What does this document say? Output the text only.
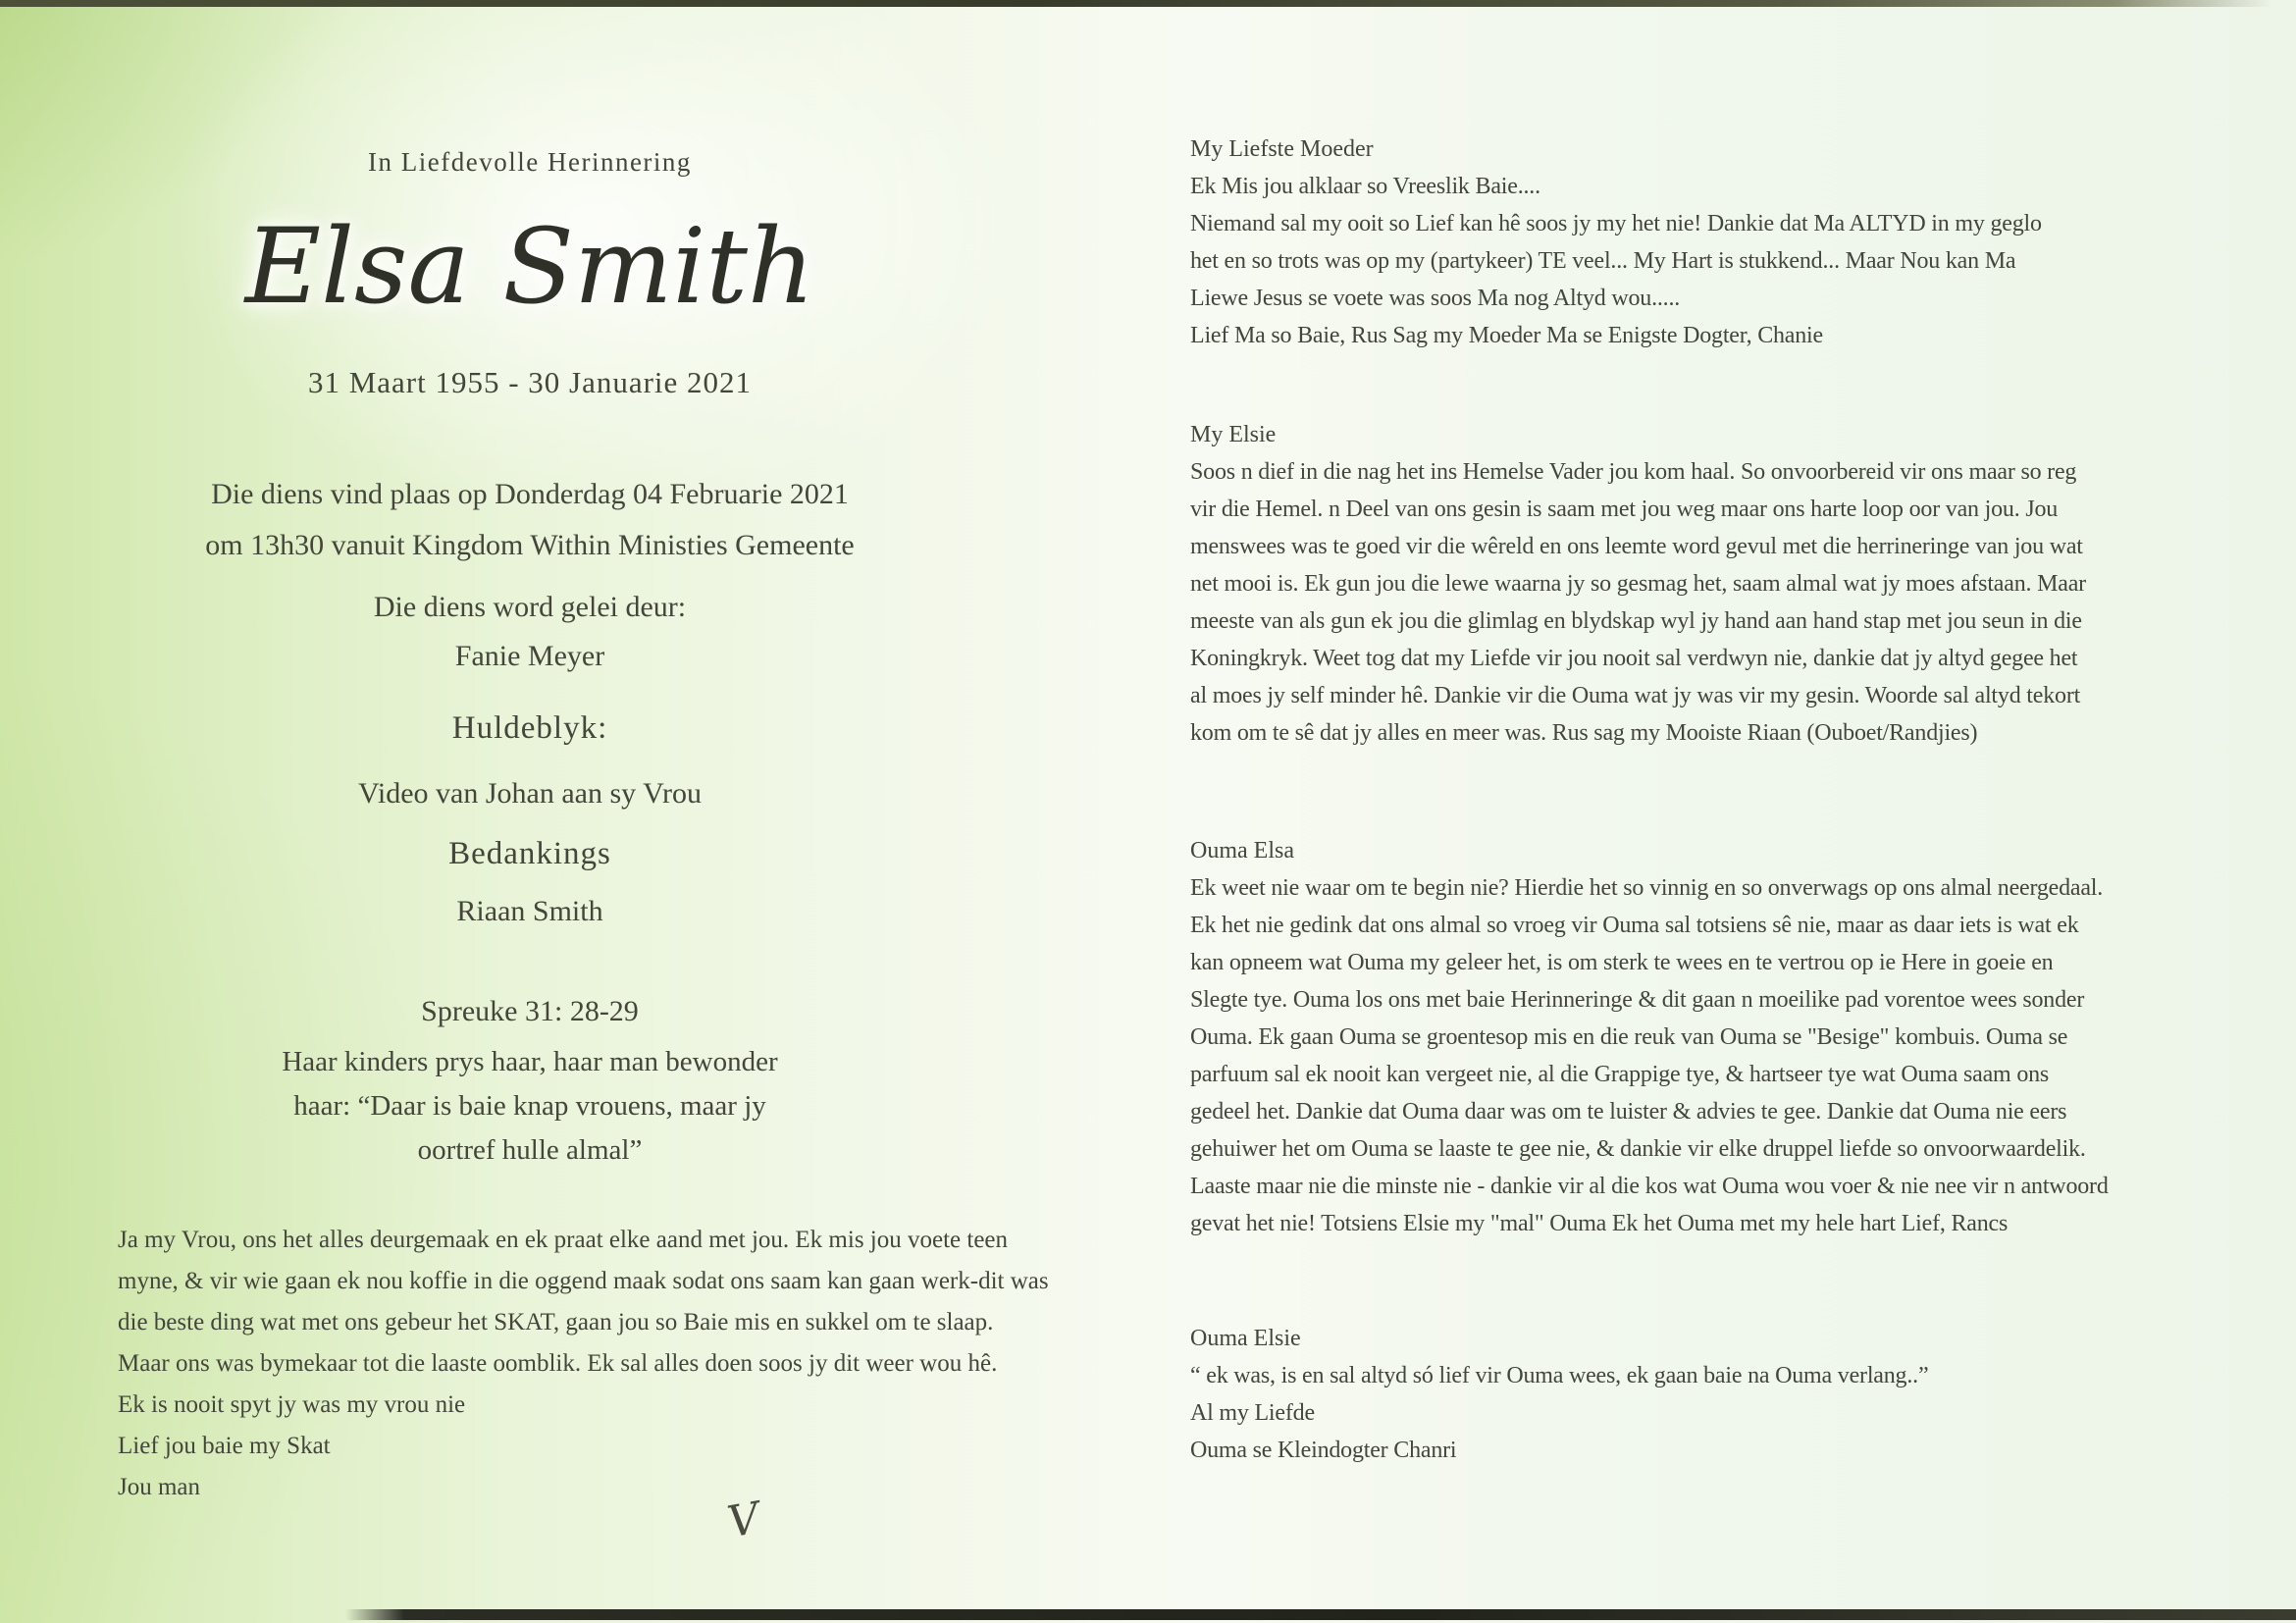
In Liefdevolle Herinnering
Elsa Smith
31 Maart 1955 - 30 Januarie 2021
Die diens vind plaas op Donderdag 04 Februarie 2021
om 13h30 vanuit Kingdom Within Ministies Gemeente
Die diens word gelei deur:
Fanie Meyer
Huldeblyk:
Video van Johan aan sy Vrou
Bedankings
Riaan Smith
Spreuke 31: 28-29
Haar kinders prys haar, haar man bewonder
haar: “Daar is baie knap vrouens, maar jy
oortref hulle almal”
Ja my Vrou, ons het alles deurgemaak en ek praat elke aand met jou. Ek mis jou voete teen
myne, & vir wie gaan ek nou koffie in die oggend maak sodat ons saam kan gaan werk-dit was
die beste ding wat met ons gebeur het SKAT, gaan jou so Baie mis en sukkel om te slaap.
Maar ons was bymekaar tot die laaste oomblik. Ek sal alles doen soos jy dit weer wou hê.
Ek is nooit spyt jy was my vrou nie
Lief jou baie my Skat
Jou man
My Liefste Moeder
Ek Mis jou alklaar so Vreeslik Baie....
Niemand sal my ooit so Lief kan hê soos jy my het nie! Dankie dat Ma ALTYD in my geglo
het en so trots was op my (partykeer) TE veel... My Hart is stukkend... Maar Nou kan Ma
Liewe Jesus se voete was soos Ma nog Altyd wou.....
Lief Ma so Baie, Rus Sag my Moeder Ma se Enigste Dogter, Chanie
My Elsie
Soos n dief in die nag het ins Hemelse Vader jou kom haal. So onvoorbereid vir ons maar so reg
vir die Hemel. n Deel van ons gesin is saam met jou weg maar ons harte loop oor van jou. Jou
menswees was te goed vir die wêreld en ons leemte word gevul met die herrineringe van jou wat
net mooi is. Ek gun jou die lewe waarna jy so gesmag het, saam almal wat jy moes afstaan. Maar
meeste van als gun ek jou die glimlag en blydskap wyl jy hand aan hand stap met jou seun in die
Koningkryk. Weet tog dat my Liefde vir jou nooit sal verdwyn nie, dankie dat jy altyd gegee het
al moes jy self minder hê. Dankie vir die Ouma wat jy was vir my gesin. Woorde sal altyd tekort
kom om te sê dat jy alles en meer was. Rus sag my Mooiste Riaan (Ouboet/Randjies)
Ouma Elsa
Ek weet nie waar om te begin nie? Hierdie het so vinnig en so onverwags op ons almal neergedaal.
Ek het nie gedink dat ons almal so vroeg vir Ouma sal totsiens sê nie, maar as daar iets is wat ek
kan opneem wat Ouma my geleer het, is om sterk te wees en te vertrou op ie Here in goeie en
Slegte tye. Ouma los ons met baie Herinneringe & dit gaan n moeilike pad vorentoe wees sonder
Ouma. Ek gaan Ouma se groentesop mis en die reuk van Ouma se "Besige" kombuis. Ouma se
parfuum sal ek nooit kan vergeet nie, al die Grappige tye, & hartseer tye wat Ouma saam ons
gedeel het. Dankie dat Ouma daar was om te luister & advies te gee. Dankie dat Ouma nie eers
gehuiwer het om Ouma se laaste te gee nie, & dankie vir elke druppel liefde so onvoorwaardelik.
Laaste maar nie die minste nie - dankie vir al die kos wat Ouma wou voer & nie nee vir n antwoord
gevat het nie! Totsiens Elsie my "mal" Ouma Ek het Ouma met my hele hart Lief, Rancs
Ouma Elsie
“ ek was, is en sal altyd só lief vir Ouma wees, ek gaan baie na Ouma verlang..”
Al my Liefde
Ouma se Kleindogter Chanri
V
